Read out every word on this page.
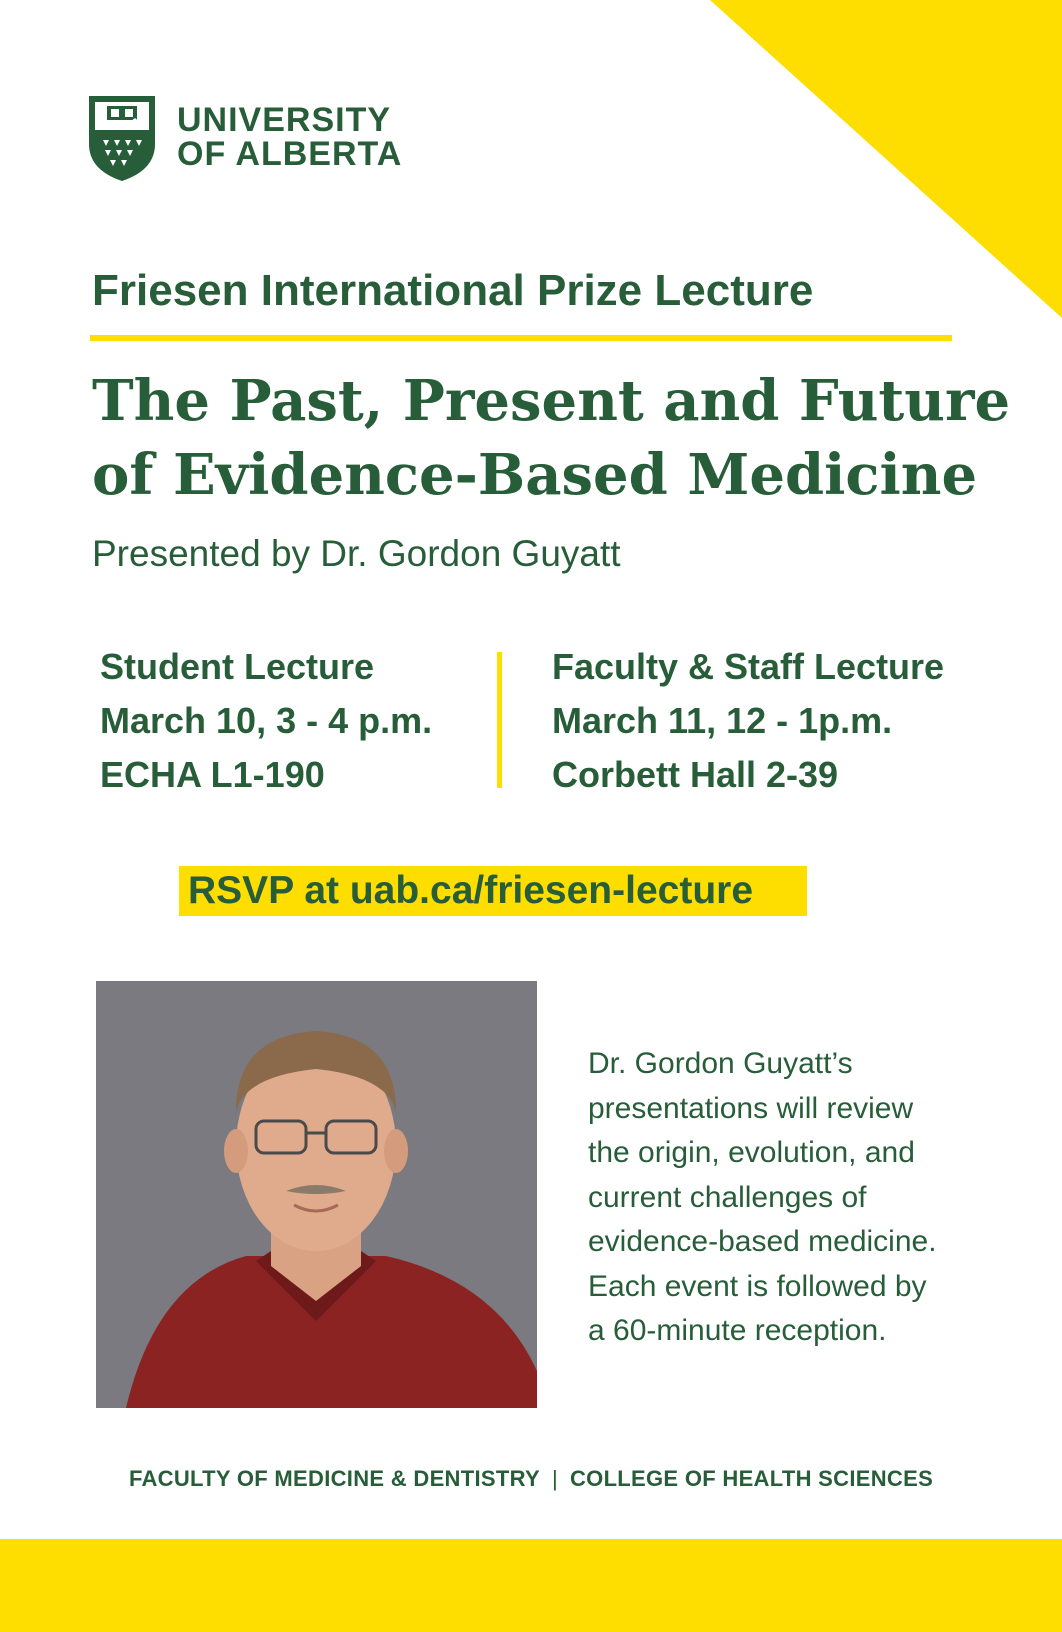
UNIVERSITY
OF ALBERTA
Friesen International Prize Lecture
The Past, Present and Future
of Evidence-Based Medicine
Presented by Dr. Gordon Guyatt
Student Lecture
March 10, 3 - 4 p.m.
ECHA L1-190
Faculty & Staff Lecture
March 11, 12 - 1p.m.
Corbett Hall 2-39
RSVP at uab.ca/friesen-lecture
Dr. Gordon Guyatt’s
presentations will review
the origin, evolution, and
current challenges of
evidence-based medicine.
Each event is followed by
a 60-minute reception.
FACULTY OF MEDICINE & DENTISTRY | COLLEGE OF HEALTH SCIENCES
